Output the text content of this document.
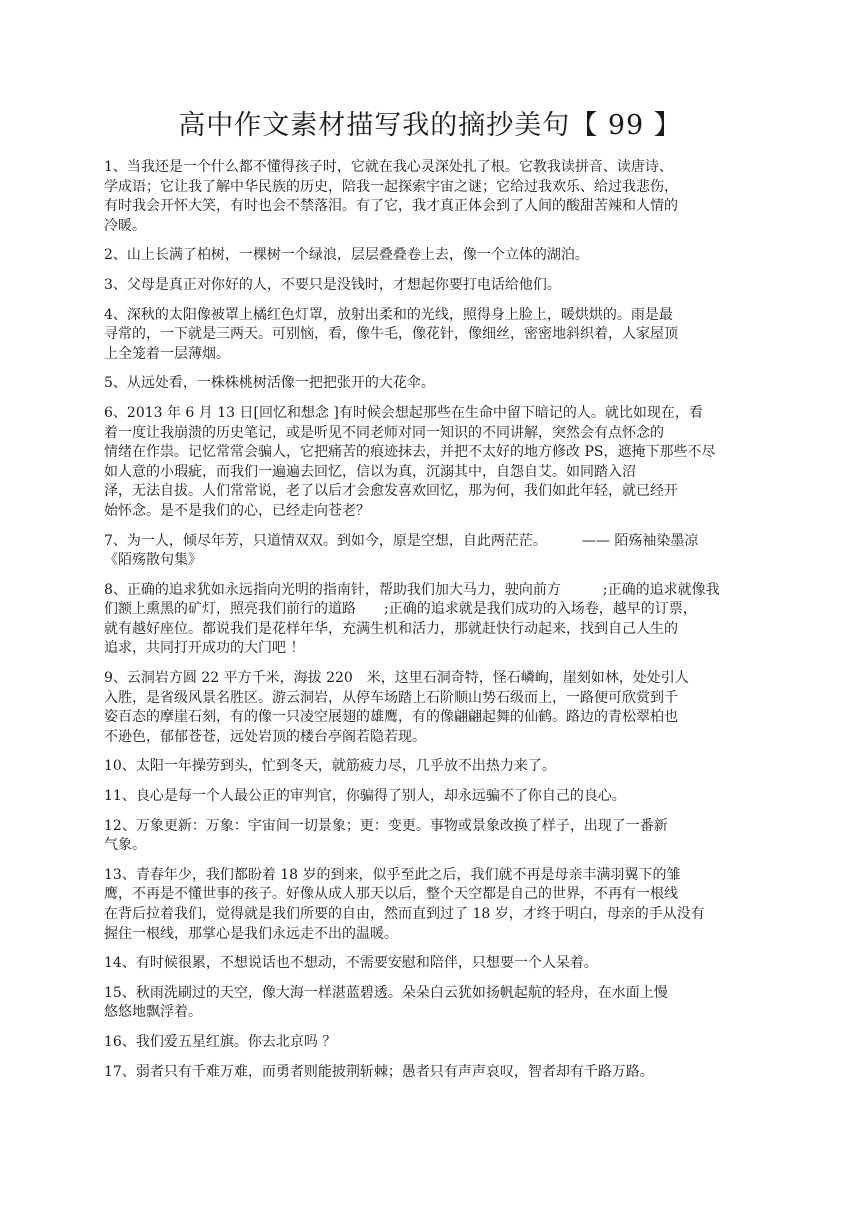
高中作文素材描写我的摘抄美句【 99 】

1、当我还是一个什么都不懂得孩子时，它就在我心灵深处扎了根。它教我读拼音、读唐诗、
学成语；它让我了解中华民族的历史，陪我一起探索宇宙之谜；它给过我欢乐、给过我悲伤，
有时我会开怀大笑，有时也会不禁落泪。有了它，我才真正体会到了人间的酸甜苦辣和人情的
冷暖。

2、山上长满了柏树，一棵树一个绿浪，层层叠叠卷上去，像一个立体的湖泊。

3、父母是真正对你好的人，不要只是没钱时，才想起你要打电话给他们。

4、深秋的太阳像被罩上橘红色灯罩，放射出柔和的光线，照得身上脸上，暖烘烘的。雨是最
寻常的，一下就是三两天。可别恼，看，像牛毛，像花针，像细丝，密密地斜织着，人家屋顶
上全笼着一层薄烟。

5、从远处看，一株株桃树活像一把把张开的大花伞。

6、2013 年 6 月 13 日[回忆和想念 ]有时候会想起那些在生命中留下暗记的人。就比如现在，看
着一度让我崩溃的历史笔记，或是听见不同老师对同一知识的不同讲解，突然会有点怀念的
情绪在作祟。记忆常常会骗人，它把痛苦的痕迹抹去，并把不太好的地方修改 PS，遮掩下那些不尽
如人意的小瑕疵，而我们一遍遍去回忆，信以为真，沉溺其中，自怨自艾。如同踏入沼
泽，无法自拔。人们常常说，老了以后才会愈发喜欢回忆，那为何，我们如此年轻，就已经开
始怀念。是不是我们的心，已经走向苍老？

7、为一人，倾尽年芳，只道情双双。到如今，原是空想，自此两茫茫。　　　—— 陌殇袖染墨凉
《陌殇散句集》

8、正确的追求犹如永远指向光明的指南针，帮助我们加大马力，驶向前方　　　;正确的追求就像我
们额上熏黑的矿灯，照亮我们前行的道路　　;正确的追求就是我们成功的入场卷，越早的订票，
就有越好座位。都说我们是花样年华，充满生机和活力，那就赶快行动起来，找到自己人生的
追求，共同打开成功的大门吧 ！

9、云洞岩方圆 22 平方千米，海拔 220　米，这里石洞奇特，怪石嶙峋，崖刻如林，处处引人
入胜，是省级风景名胜区。游云洞岩，从停车场踏上石阶顺山势石级而上，一路便可欣赏到千
姿百态的摩崖石刻，有的像一只凌空展翅的雄鹰，有的像翩翩起舞的仙鹤。路边的青松翠柏也
不逊色，郁郁苍苍，远处岩顶的楼台亭阁若隐若现。

10、太阳一年操劳到头，忙到冬天，就筋疲力尽，几乎放不出热力来了。

11、良心是每一个人最公正的审判官，你骗得了别人，却永远骗不了你自己的良心。

12、万象更新：万象：宇宙间一切景象；更：变更。事物或景象改换了样子，出现了一番新
气象。

13、青春年少，我们都盼着 18 岁的到来，似乎至此之后，我们就不再是母亲丰满羽翼下的雏
鹰，不再是不懂世事的孩子。好像从成人那天以后，整个天空都是自己的世界，不再有一根线
在背后拉着我们，觉得就是我们所要的自由，然而直到过了 18 岁，才终于明白，母亲的手从没有
握住一根线，那掌心是我们永远走不出的温暖。

14、有时候很累，不想说话也不想动，不需要安慰和陪伴，只想要一个人呆着。

15、秋雨洗刷过的天空，像大海一样湛蓝碧透。朵朵白云犹如扬帆起航的轻舟，在水面上慢
悠悠地飘浮着。

16、我们爱五星红旗。你去北京吗 ？

17、弱者只有千难万难，而勇者则能披荆斩棘；愚者只有声声哀叹，智者却有千路万路。
